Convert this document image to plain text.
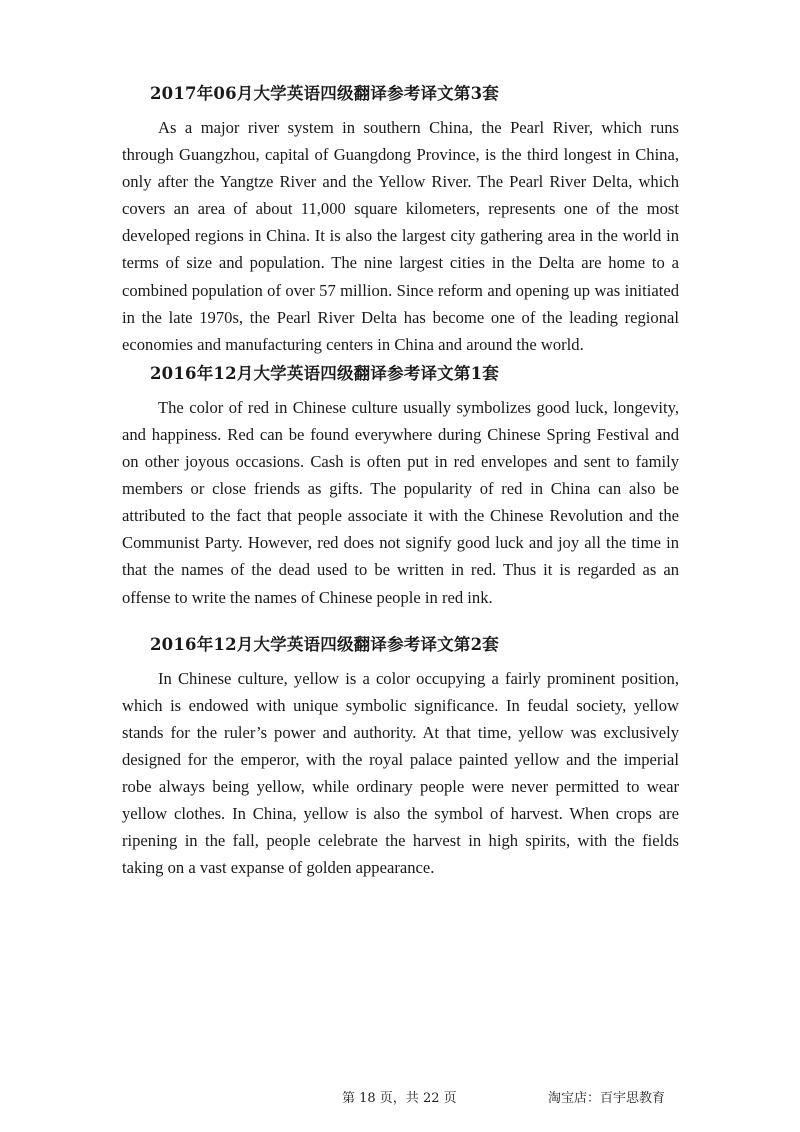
2017年06月大学英语四级翻译参考译文第3套

As a major river system in southern China, the Pearl River, which runs through Guangzhou, capital of Guangdong Province, is the third longest in China, only after the Yangtze River and the Yellow River. The Pearl River Delta, which covers an area of about 11,000 square kilometers, represents one of the most developed regions in China. It is also the largest city gathering area in the world in terms of size and population. The nine largest cities in the Delta are home to a combined population of over 57 million. Since reform and opening up was initiated in the late 1970s, the Pearl River Delta has become one of the leading regional economies and manufacturing centers in China and around the world.

2016年12月大学英语四级翻译参考译文第1套

The color of red in Chinese culture usually symbolizes good luck, longevity, and happiness. Red can be found everywhere during Chinese Spring Festival and on other joyous occasions. Cash is often put in red envelopes and sent to family members or close friends as gifts. The popularity of red in China can also be attributed to the fact that people associate it with the Chinese Revolution and the Communist Party. However, red does not signify good luck and joy all the time in that the names of the dead used to be written in red. Thus it is regarded as an offense to write the names of Chinese people in red ink.

2016年12月大学英语四级翻译参考译文第2套

In Chinese culture, yellow is a color occupying a fairly prominent position, which is endowed with unique symbolic significance. In feudal society, yellow stands for the ruler’s power and authority. At that time, yellow was exclusively designed for the emperor, with the royal palace painted yellow and the imperial robe always being yellow, while ordinary people were never permitted to wear yellow clothes. In China, yellow is also the symbol of harvest. When crops are ripening in the fall, people celebrate the harvest in high spirits, with the fields taking on a vast expanse of golden appearance.

第 18 页，共 22 页	淘宝店：百宇思教育
